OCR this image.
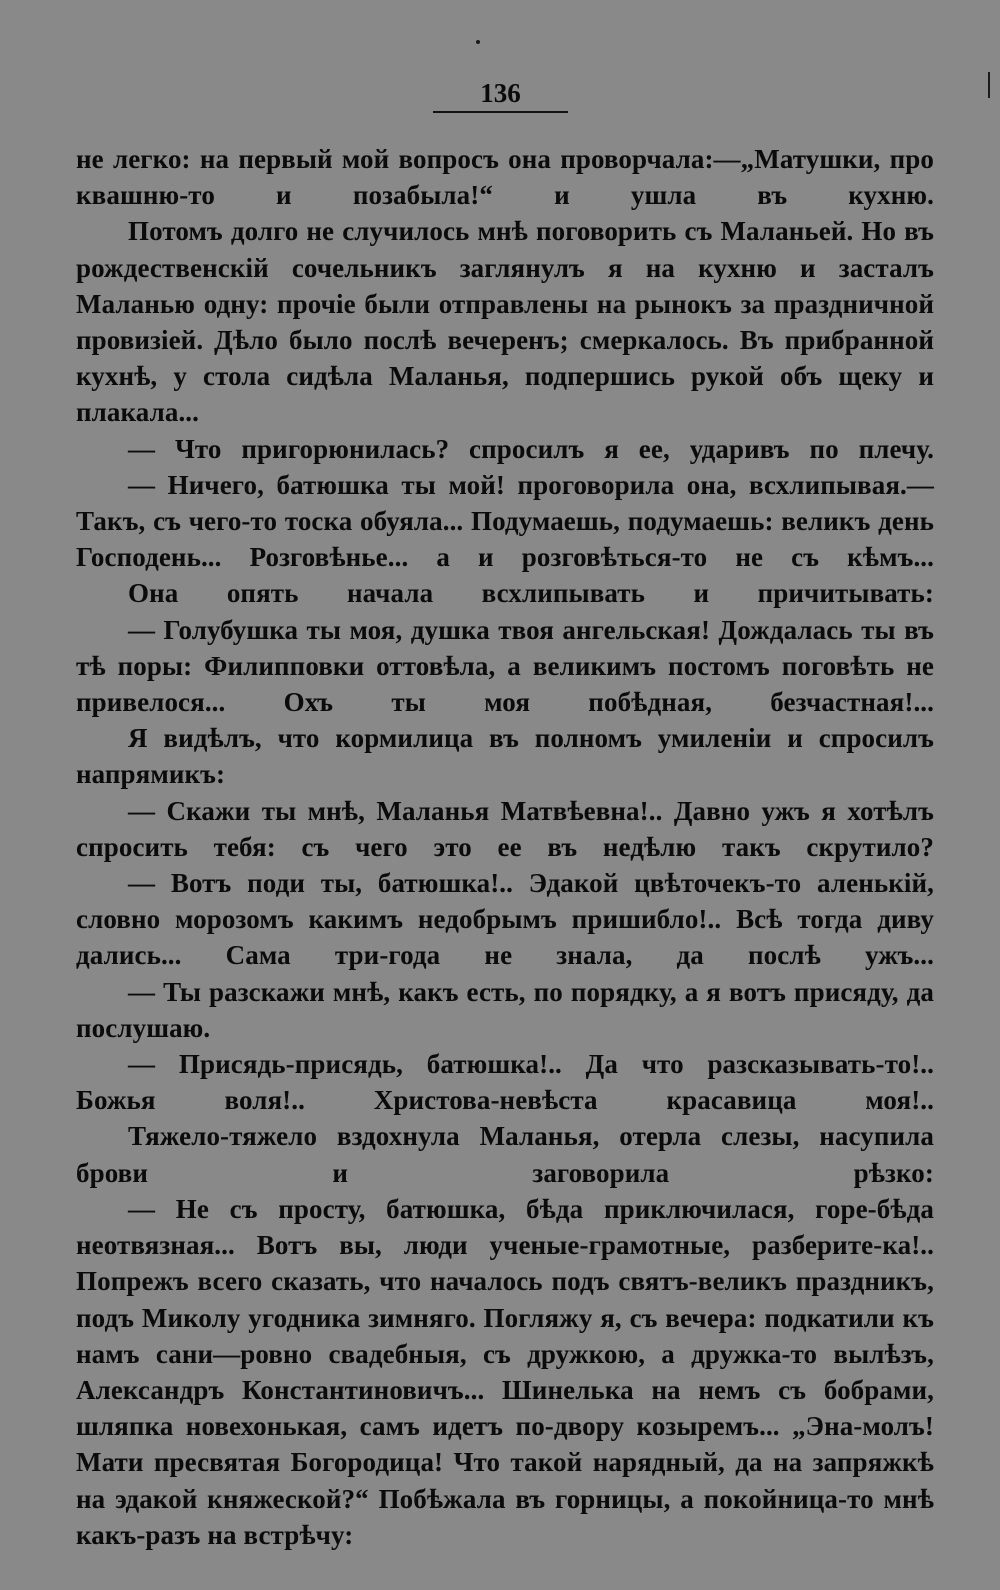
136

не легко: на первый мой вопросъ она проворчала:—„Матушки, про квашню-то и позабыла!“ и ушла въ кухню.

Потомъ долго не случилось мнѣ поговорить съ Маланьей. Но въ рождественскій сочельникъ заглянулъ я на кухню и засталъ Маланью одну: прочіе были отправлены на рынокъ за праздничной провизіей. Дѣло было послѣ вечеренъ; смеркалось. Въ прибранной кухнѣ, у стола сидѣла Маланья, подпершись рукой объ щеку и плакала...

— Что пригорюнилась? спросилъ я ее, ударивъ по плечу.

— Ничего, батюшка ты мой! проговорила она, всхлипывая.— Такъ, съ чего-то тоска обуяла... Подумаешь, подумаешь: великъ день Господень... Розговѣнье... а и розговѣться-то не съ кѣмъ...

Она опять начала всхлипывать и причитывать:

— Голубушка ты моя, душка твоя ангельская! Дождалась ты въ тѣ поры: Филипповки оттовѣла, а великимъ постомъ поговѣть не привелося... Охъ ты моя побѣдная, безчастная!...

Я видѣлъ, что кормилица въ полномъ умиленіи и спросилъ напрямикъ:

— Скажи ты мнѣ, Маланья Матвѣевна!.. Давно ужъ я хотѣлъ спросить тебя: съ чего это ее въ недѣлю такъ скрутило?

— Вотъ поди ты, батюшка!.. Эдакой цвѣточекъ-то аленькій, словно морозомъ какимъ недобрымъ пришибло!.. Всѣ тогда диву дались... Сама три-года не знала, да послѣ ужъ...

— Ты разскажи мнѣ, какъ есть, по порядку, а я вотъ присяду, да послушаю.

— Присядь-присядь, батюшка!.. Да что разсказывать-то!.. Божья воля!.. Христова-невѣста красавица моя!..

Тяжело-тяжело вздохнула Маланья, отерла слезы, насупила брови и заговорила рѣзко:

— Не съ просту, батюшка, бѣда приключилася, горе-бѣда неотвязная... Вотъ вы, люди ученые-грамотные, разберите-ка!.. Попрежъ всего сказать, что началось подъ святъ-великъ праздникъ, подъ Миколу угодника зимняго. Погляжу я, съ вечера: подкатили къ намъ сани—ровно свадебныя, съ дружкою, а дружка-то вылѣзъ, Александръ Константиновичъ... Шинелька на немъ съ бобрами, шляпка новехонькая, самъ идетъ по-двору козыремъ... „Эна-молъ! Мати пресвятая Богородица! Что такой нарядный, да на запряжкѣ на эдакой княжеской?“ Побѣжала въ горницы, а покойница-то мнѣ какъ-разъ на встрѣчу:
